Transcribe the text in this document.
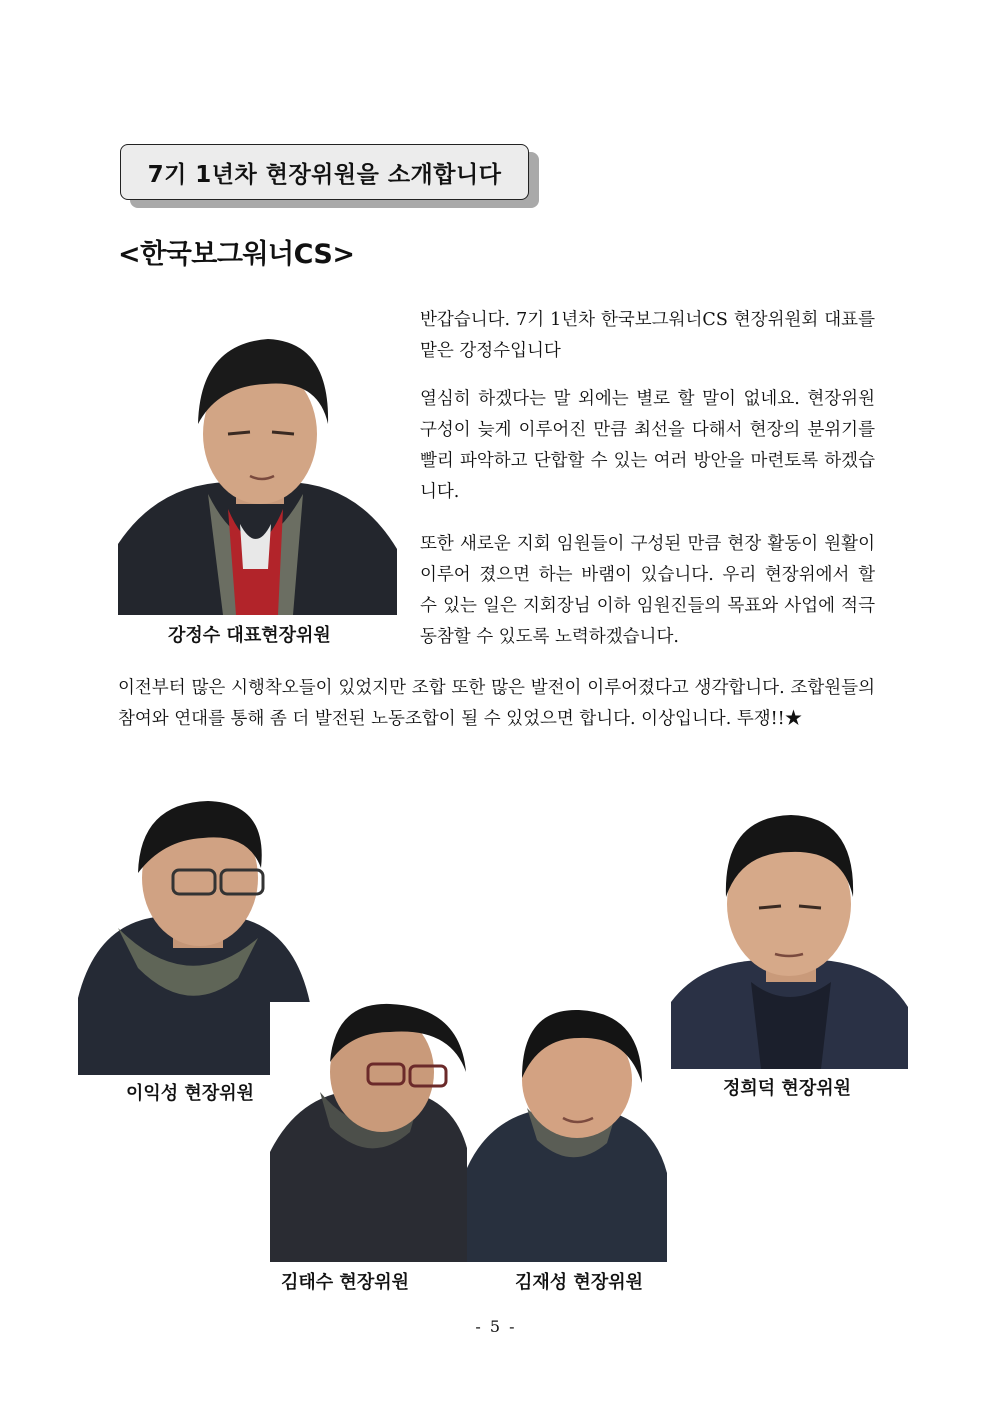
7기 1년차 현장위원을 소개합니다
<한국보그워너CS>
강정수 대표현장위원
반갑습니다. 7기 1년차 한국보그워너CS 현장위원회 대표를 맡은 강정수입니다
열심히 하겠다는 말 외에는 별로 할 말이 없네요. 현장위원 구성이 늦게 이루어진 만큼 최선을 다해서 현장의 분위기를 빨리 파악하고 단합할 수 있는 여러 방안을 마련토록 하겠습니다.
또한 새로운 지회 임원들이 구성된 만큼 현장 활동이 원활이 이루어 졌으면 하는 바램이 있습니다. 우리 현장위에서 할 수 있는 일은 지회장님 이하 임원진들의 목표와 사업에 적극 동참할 수 있도록 노력하겠습니다.
이전부터 많은 시행착오들이 있었지만 조합 또한 많은 발전이 이루어졌다고 생각합니다. 조합원들의 참여와 연대를 통해 좀 더 발전된 노동조합이 될 수 있었으면 합니다. 이상입니다. 투쟁!!★
이익성 현장위원
김태수 현장위원	김재성 현장위원
정희덕 현장위원
- 5 -
